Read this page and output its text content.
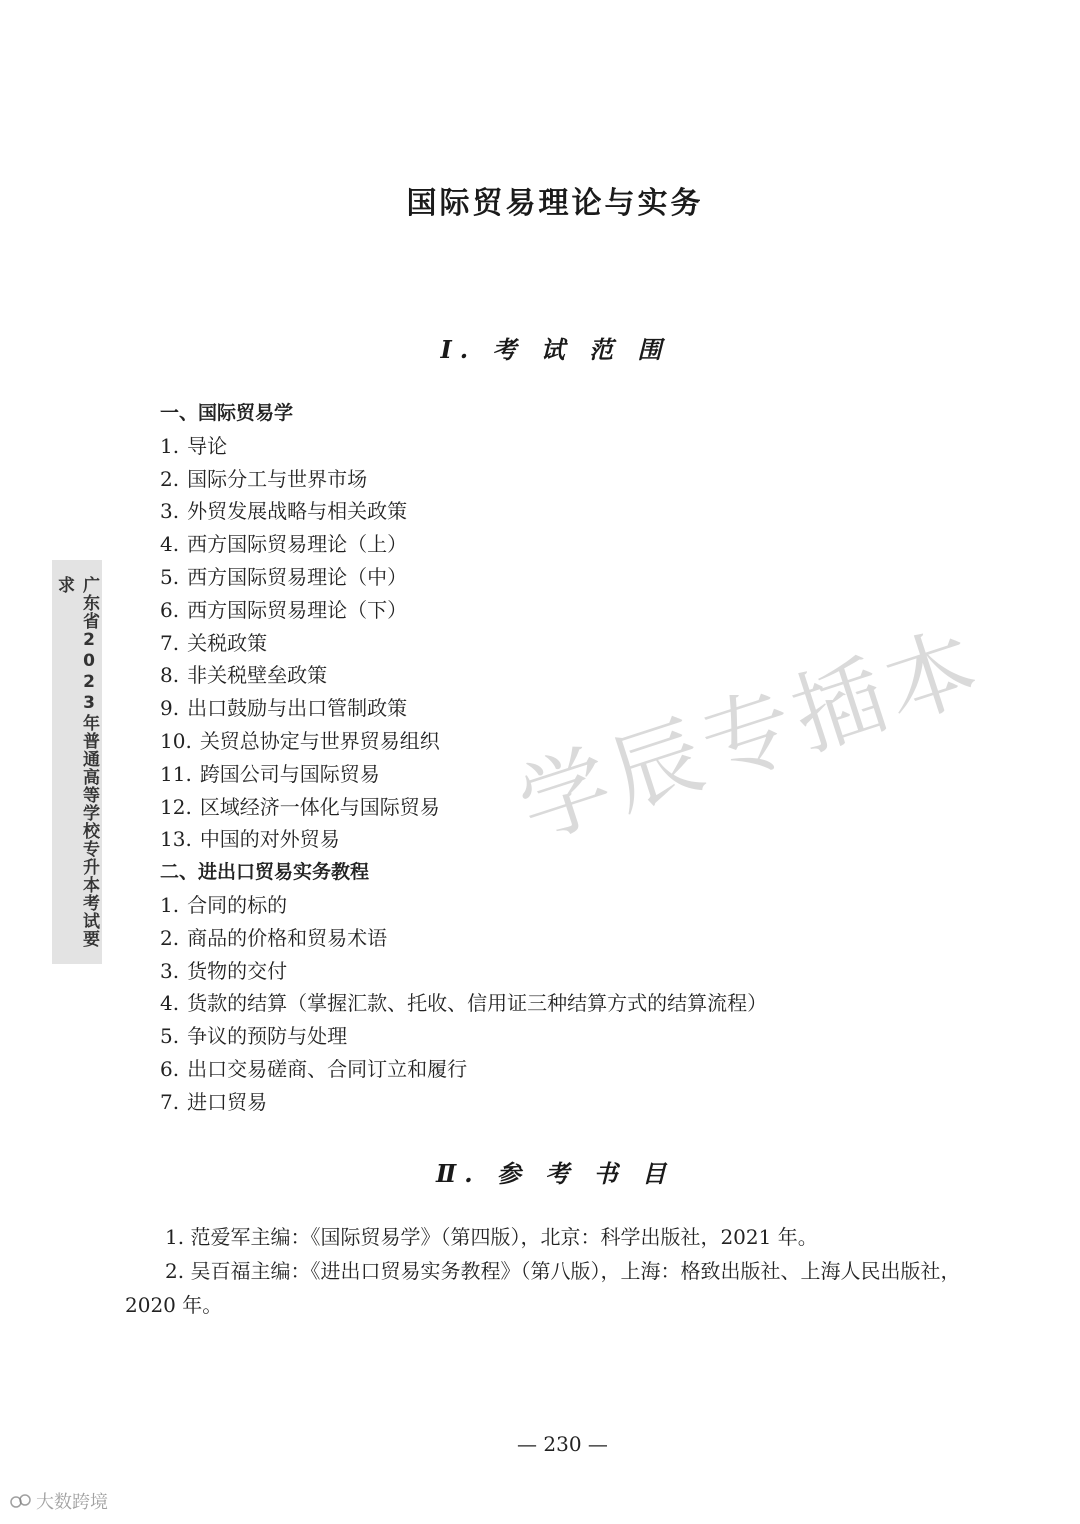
国际贸易理论与实务
Ⅰ. 考 试 范 围
一、国际贸易学
1. 导论
2. 国际分工与世界市场
3. 外贸发展战略与相关政策
4. 西方国际贸易理论（上）
5. 西方国际贸易理论（中）
6. 西方国际贸易理论（下）
7. 关税政策
8. 非关税壁垒政策
9. 出口鼓励与出口管制政策
10. 关贸总协定与世界贸易组织
11. 跨国公司与国际贸易
12. 区域经济一体化与国际贸易
13. 中国的对外贸易
二、进出口贸易实务教程
1. 合同的标的
2. 商品的价格和贸易术语
3. 货物的交付
4. 货款的结算（掌握汇款、托收、信用证三种结算方式的结算流程）
5. 争议的预防与处理
6. 出口交易磋商、合同订立和履行
7. 进口贸易
Ⅱ. 参 考 书 目

1. 范爱军主编：《国际贸易学》（第四版），北京：科学出版社，2021 年。

2. 吴百福主编：《进出口贸易实务教程》（第八版），上海：格致出版社、上海人民出版社，2020 年。

— 230 —
广东省2023年普通高等学校专升本考试要求
学辰专插本
大数跨境
